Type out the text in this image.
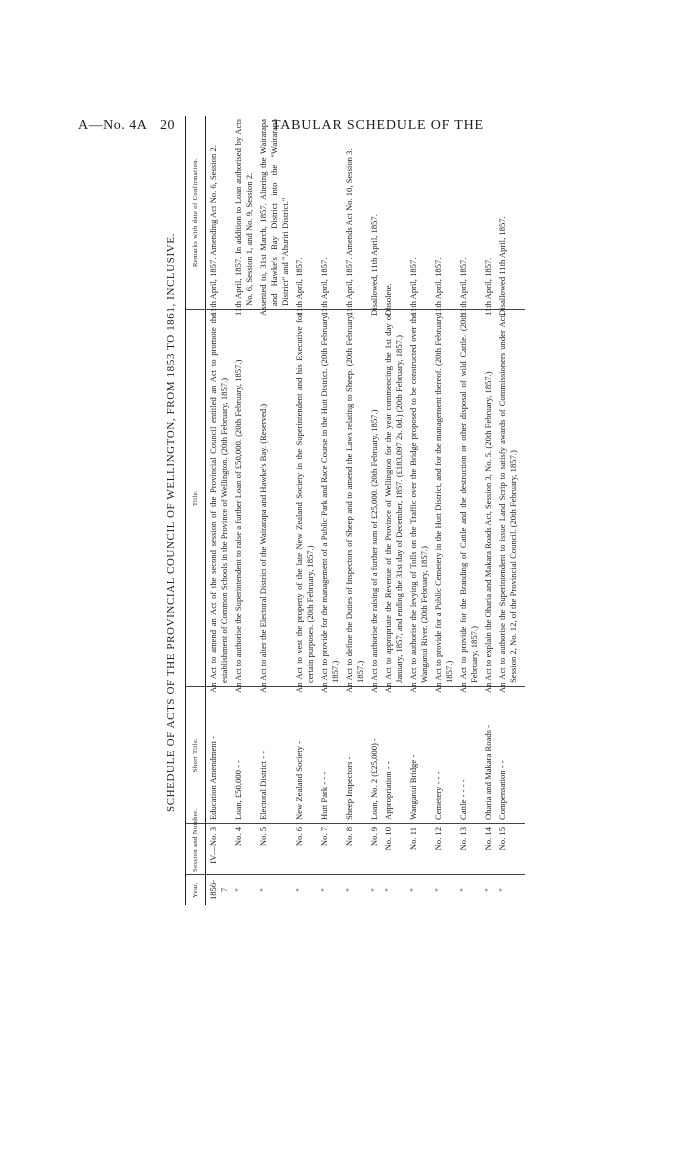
A—No. 4A 20	TABULAR SCHEDULE OF THE
SCHEDULE OF ACTS OF THE PROVINCIAL COUNCIL OF WELLINGTON, FROM 1853 TO 1861, INCLUSIVE.
Year.	Session and Number.	Short Title.	Title.	Remarks with date of Confirmation.
1856-7	IV—No. 3	Education Amendment -	An Act to amend an Act of the second session of the Provincial Council entitled an Act to promote the establishment of Common Schools in the Province of Wellington. (20th February, 1857.)	11th April, 1857. Amending Act No. 6, Session 2.
"	No. 4	Loan, £50,000 - -	An Act to authorise the Superintendent to raise a further Loan of £50,000. (20th February, 1857.)	11th April, 1857. In addition to Loan authorised by Acts No. 6, Session 1, and No. 9, Session 2.
"	No. 5	Electoral District - -	An Act to alter the Electoral District of the Wairarapa and Hawke's Bay. (Reserved.)	Assented to, 31st March, 1857. Altering the Wairarapa and Hawke's Bay District into the "Wairarapa District" and "Ahuriri District."
"	No. 6	New Zealand Society -	An Act to vest the property of the late New Zealand Society in the Superintendent and his Executive for certain purposes. (20th February, 1857.)	11th April, 1857.
"	No. 7	Hutt Park - - -	An Act to provide for the management of a Public Park and Race Course in the Hutt District. (20th February, 1857.)	11th April, 1857.
"	No. 8	Sheep Inspectors -	An Act to define the Duties of Inspectors of Sheep and to amend the Laws relating to Sheep. (20th February, 1857.)	11th April, 1857. Amends Act No. 10, Session 3.
"	No. 9	Loan, No. 2 (£25,000) -	An Act to authorise the raising of a further sum of £25,000. (20th February, 1857.)	Disallowed, 11th April, 1857.
"	No. 10	Appropriation - -	An Act to appropriate the Revenue of the Province of Wellington for the year commencing the 1st day of January, 1857, and ending the 31st day of December, 1857. (£183,097 2s. 0d.) (20th February, 1857.)	Obsolete.
"	No. 11	Wanganui Bridge -	An Act to authorise the levying of Tolls on the Traffic over the Bridge proposed to be constructed over the Wanganui River. (20th February, 1857.)	11th April, 1857.
"	No. 12	Cemetery - - -	An Act to provide for a Public Cemetery in the Hutt District, and for the management thereof. (20th February, 1857.)	11th April, 1857.
"	No. 13	Cattle - - - -	An Act to provide for the Branding of Cattle and the destruction or other disposal of wild Cattle. (20th February, 1857.)	11th April, 1857.
"	No. 14	Oharia and Makara Roads -	An Act to explain the Oharia and Makara Roads Act, Session 3, No. 5. (20th February, 1857.)	11th April, 1857.
"	No. 15	Compensation - -	An Act to authorise the Superintendent to issue Land Scrip to satisfy awards of Commissioners under Act, Session 2, No. 12, of the Provincial Council. (20th February, 1857.)	Disallowed 11th April, 1857.
